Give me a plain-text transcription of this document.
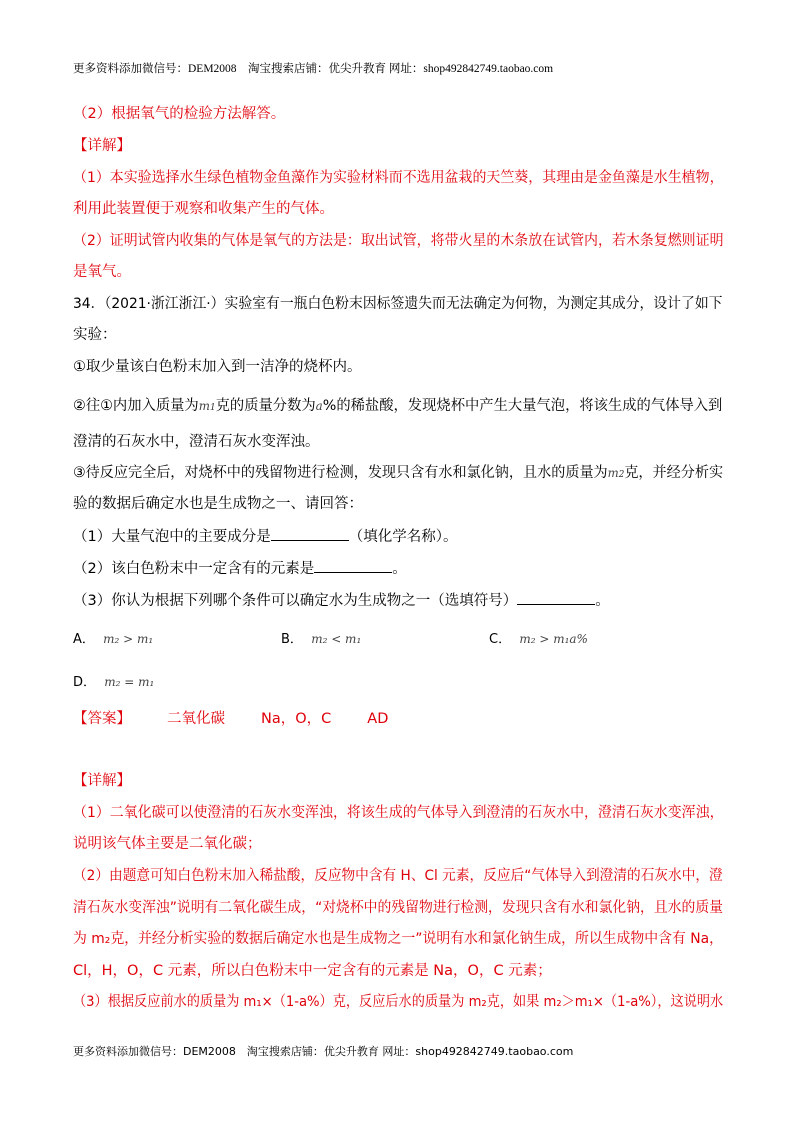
更多资料添加微信号：DEM2008　淘宝搜索店铺：优尖升教育 网址：shop492842749.taobao.com
（2）根据氧气的检验方法解答。
【详解】
（1）本实验选择水生绿色植物金鱼藻作为实验材料而不选用盆栽的天竺葵，其理由是金鱼藻是水生植物，
利用此装置便于观察和收集产生的气体。
（2）证明试管内收集的气体是氧气的方法是：取出试管，将带火星的木条放在试管内，若木条复燃则证明
是氧气。
34．（2021·浙江浙江·）实验室有一瓶白色粉末因标签遗失而无法确定为何物，为测定其成分，设计了如下
实验：
①取少量该白色粉末加入到一洁净的烧杯内。
②往①内加入质量为m1克的质量分数为a%的稀盐酸，发现烧杯中产生大量气泡，将该生成的气体导入到
澄清的石灰水中，澄清石灰水变浑浊。
③待反应完全后，对烧杯中的残留物进行检测，发现只含有水和氯化钠，且水的质量为m2克，并经分析实
验的数据后确定水也是生成物之一、请回答：
（1）大量气泡中的主要成分是	（填化学名称）。
（2）该白色粉末中一定含有的元素是	。
（3）你认为根据下列哪个条件可以确定水为生成物之一（选填符号）	。
A． m₂ > m₁	B． m₂ < m₁	C． m₂ > m₁a%
D． m₂ = m₁
【答案】 二氧化碳 Na，O，C AD
【详解】
（1）二氧化碳可以使澄清的石灰水变浑浊，将该生成的气体导入到澄清的石灰水中，澄清石灰水变浑浊，
说明该气体主要是二氧化碳；
（2）由题意可知白色粉末加入稀盐酸，反应物中含有 H、Cl 元素，反应后“气体导入到澄清的石灰水中，澄
清石灰水变浑浊”说明有二氧化碳生成，“对烧杯中的残留物进行检测，发现只含有水和氯化钠，且水的质量
为 m₂克，并经分析实验的数据后确定水也是生成物之一”说明有水和氯化钠生成，所以生成物中含有 Na，
Cl，H，O，C 元素，所以白色粉末中一定含有的元素是 Na，O，C 元素；
（3）根据反应前水的质量为 m₁×（1-a%）克，反应后水的质量为 m₂克，如果 m₂＞m₁×（1-a%），这说明水
更多资料添加微信号：DEM2008　淘宝搜索店铺：优尖升教育 网址：shop492842749.taobao.com
